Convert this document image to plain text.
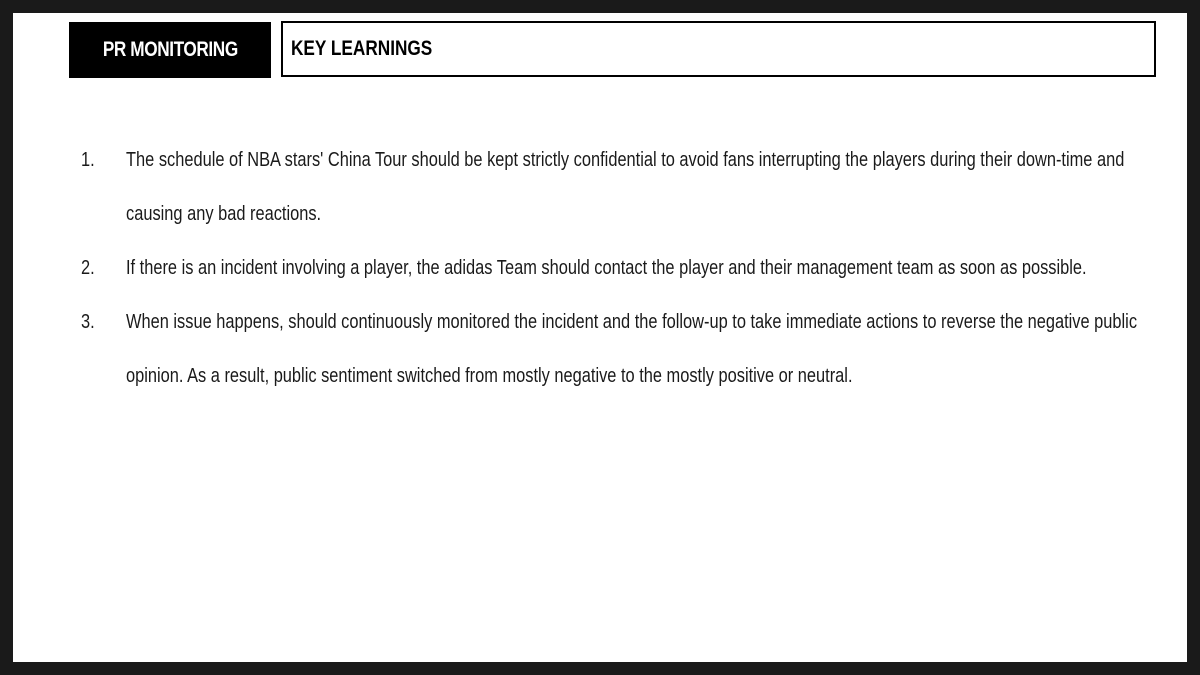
PR MONITORING	KEY LEARNINGS
1. The schedule of NBA stars' China Tour should be kept strictly confidential to avoid fans interrupting the players during their down-time and causing any bad reactions.
2. If there is an incident involving a player, the adidas Team should contact the player and their management team as soon as possible.
3. When issue happens, should continuously monitored the incident and the follow-up to take immediate actions to reverse the negative public opinion. As a result, public sentiment switched from mostly negative to the mostly positive or neutral.
